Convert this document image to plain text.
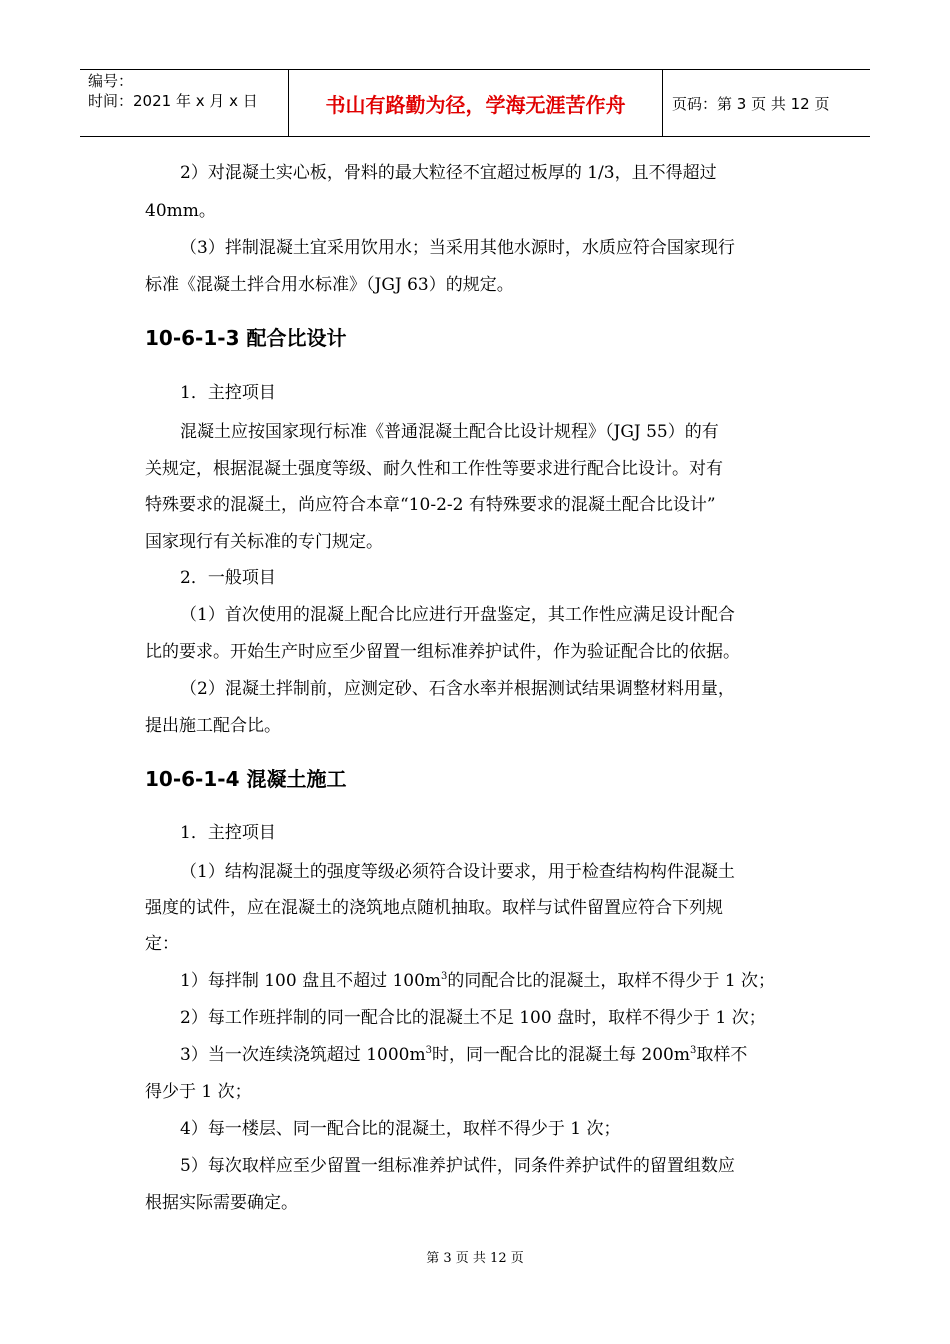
编号：
时间：2021 年 x 月 x 日	书山有路勤为径，学海无涯苦作舟	页码：第 3 页 共 12 页
2）对混凝土实心板，骨料的最大粒径不宜超过板厚的 1/3，且不得超过
40mm。
（3）拌制混凝土宜采用饮用水；当采用其他水源时，水质应符合国家现行
标准《混凝土拌合用水标准》（JGJ 63）的规定。
10-6-1-3 配合比设计
1．主控项目
混凝土应按国家现行标准《普通混凝土配合比设计规程》（JGJ 55）的有
关规定，根据混凝土强度等级、耐久性和工作性等要求进行配合比设计。对有
特殊要求的混凝土，尚应符合本章“10-2-2 有特殊要求的混凝土配合比设计”
国家现行有关标准的专门规定。
2．一般项目
（1）首次使用的混凝上配合比应进行开盘鉴定，其工作性应满足设计配合
比的要求。开始生产时应至少留置一组标准养护试件，作为验证配合比的依据。
（2）混凝土拌制前，应测定砂、石含水率并根据测试结果调整材料用量，
提出施工配合比。
10-6-1-4 混凝土施工
1．主控项目
（1）结构混凝土的强度等级必须符合设计要求，用于检查结构构件混凝土
强度的试件，应在混凝土的浇筑地点随机抽取。取样与试件留置应符合下列规
定：
1）每拌制 100 盘且不超过 $100m^3$的同配合比的混凝土，取样不得少于 1 次；
2）每工作班拌制的同一配合比的混凝土不足 100 盘时，取样不得少于 1 次；
3）当一次连续浇筑超过 $1000m^3$时，同一配合比的混凝土每 $200m^3$取样不
得少于 1 次；
4）每一楼层、同一配合比的混凝土，取样不得少于 1 次；
5）每次取样应至少留置一组标准养护试件，同条件养护试件的留置组数应
根据实际需要确定。
第 3 页 共 12 页
